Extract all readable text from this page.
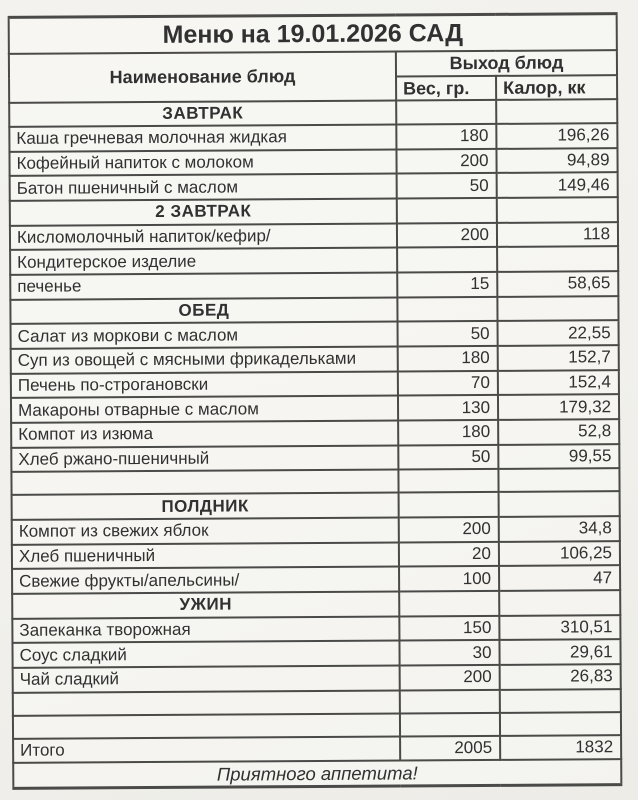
Меню на 19.01.2026 САД		
Наименование блюд	Выход блюд	
	Вес, гр.	Калор, кк
ЗАВТРАК		
Каша гречневая молочная жидкая	180	196,26
Кофейный напиток с молоком	200	94,89
Батон пшеничный с маслом	50	149,46
2 ЗАВТРАК		
Кисломолочный напиток/кефир/	200	118
Кондитерское изделие		
печенье	15	58,65
ОБЕД		
Салат из моркови с маслом	50	22,55
Суп из овощей с мясными фрикадельками	180	152,7
Печень по-строгановски	70	152,4
Макароны отварные с маслом	130	179,32
Компот из изюма	180	52,8
Хлеб ржано-пшеничный	50	99,55

ПОЛДНИК		
Компот из свежих яблок	200	34,8
Хлеб пшеничный	20	106,25
Свежие фрукты/апельсины/	100	47
УЖИН		
Запеканка творожная	150	310,51
Соус сладкий	30	29,61
Чай сладкий	200	26,83

Итого	2005	1832
Приятного аппетита!		
